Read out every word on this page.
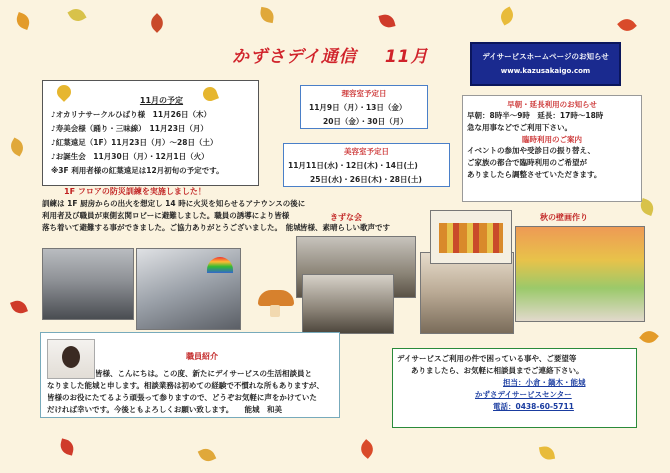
かずさデイ通信 11月	デイサービスホームページのお知らせ
www.kazusakaigo.com
11月の予定
♪オカリナサークルひばり様　11月26日（木）
♪寿美会様（踊り・三味線）　11月23日（月）
♪紅葉遠足（1F）11月23日（月）～28日（土）
♪お誕生会　11月30日（月）・12月1日（火）
※3F 利用者様の紅葉遠足は12月初旬の予定です。
理容室予定日
11月9日（月）・13日（金）
20日（金）・30日（月）
美容室予定日
11月11日(水)・12日(木)・14日(土)
25日(水)・26日(木)・28日(土)
早朝・延長利用のお知らせ
早朝：8時半～9時　延長：17時～18時
急な用事などでご利用下さい。
臨時利用のご案内
イベントの参加や受診日の振り替え、
ご家族の都合で臨時利用のご希望が
ありましたら調整させていただきます。
1F フロアの防災訓練を実施しました！
訓練は 1F 厨房からの出火を想定し 14 時に火災を知らせるアナウンスの後に
利用者及び職員が東側玄関ロビーに避難しました。職員の誘導により皆様
落ち着いて避難する事ができました。ご協力ありがとうございました。　能城
きずな会
皆様、素晴らしい歌声です
秋の壁画作り
職員紹介
皆様、こんにちは。この度、新たにデイサービスの生活相談員と
なりました能城と申します。相談業務は初めての経験で不慣れな所もありますが、
皆様のお役にたてるよう頑張って参りますので、どうぞお気軽に声をかけていた
だければ幸いです。今後ともよろしくお願い致します。　　能城　和美
デイサービスご利用の件で困っている事や、ご要望等
ありましたら、お気軽に相談員までご連絡下さい。
担当：小倉・鍋木・能城
かずさデイサービスセンター
電話：0438-60-5711
